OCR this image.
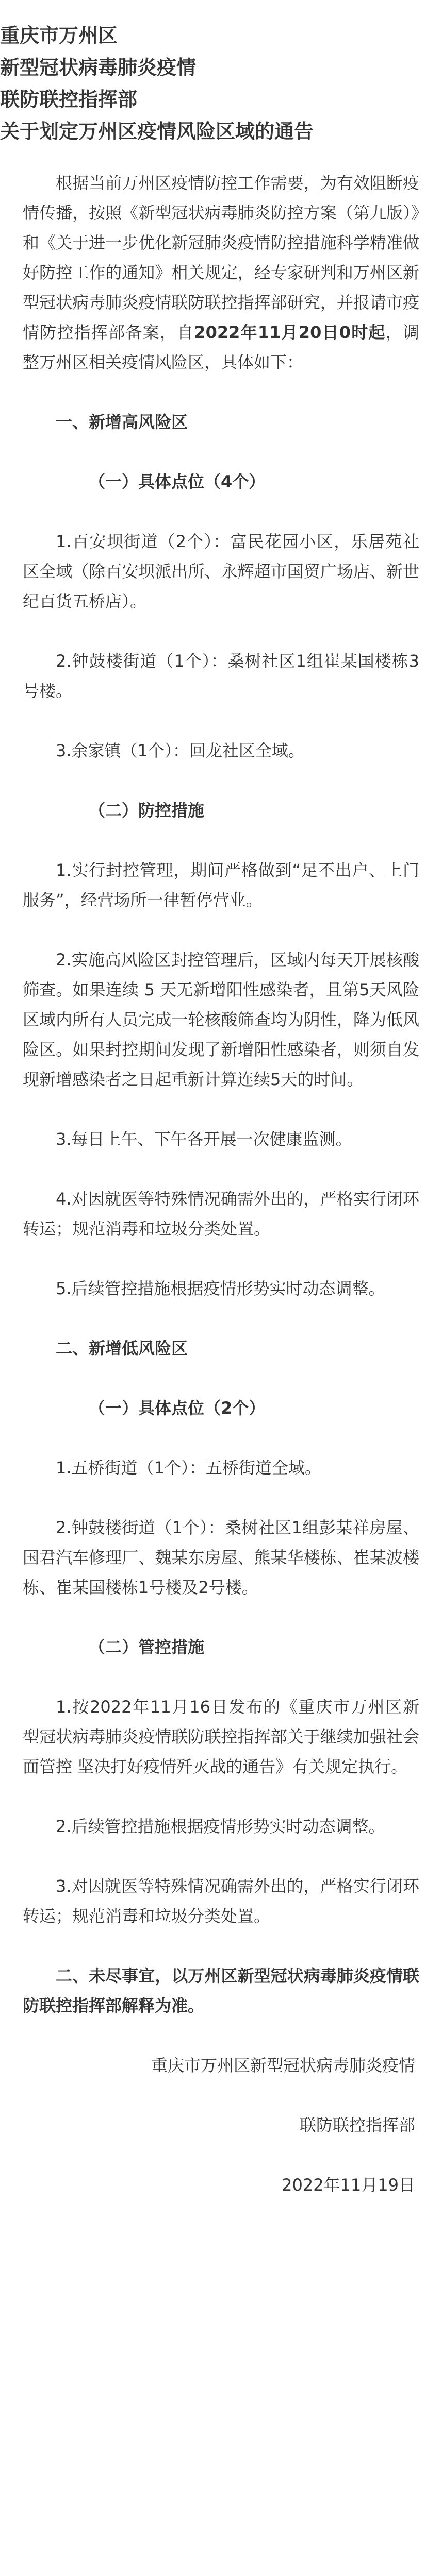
重庆市万州区

新型冠状病毒肺炎疫情

联防联控指挥部

关于划定万州区疫情风险区域的通告

根据当前万州区疫情防控工作需要，为有效阻断疫情传播，按照《新型冠状病毒肺炎防控方案（第九版）》和《关于进一步优化新冠肺炎疫情防控措施科学精准做好防控工作的通知》相关规定，经专家研判和万州区新型冠状病毒肺炎疫情联防联控指挥部研究，并报请市疫情防控指挥部备案，自2022年11月20日0时起，调整万州区相关疫情风险区，具体如下：

一、新增高风险区

（一）具体点位（4个）

1.百安坝街道（2个）：富民花园小区，乐居苑社区全域（除百安坝派出所、永辉超市国贸广场店、新世纪百货五桥店）。

2.钟鼓楼街道（1个）：桑树社区1组崔某国楼栋3号楼。

3.余家镇（1个）：回龙社区全域。

（二）防控措施

1.实行封控管理，期间严格做到“足不出户、上门服务”，经营场所一律暂停营业。

2.实施高风险区封控管理后，区域内每天开展核酸筛查。如果连续 5 天无新增阳性感染者，且第5天风险区域内所有人员完成一轮核酸筛查均为阴性，降为低风险区。如果封控期间发现了新增阳性感染者，则须自发现新增感染者之日起重新计算连续5天的时间。

3.每日上午、下午各开展一次健康监测。

4.对因就医等特殊情况确需外出的，严格实行闭环转运；规范消毒和垃圾分类处置。

5.后续管控措施根据疫情形势实时动态调整。

二、新增低风险区

（一）具体点位（2个）

1.五桥街道（1个）：五桥街道全域。

2.钟鼓楼街道（1个）：桑树社区1组彭某祥房屋、国君汽车修理厂、魏某东房屋、熊某华楼栋、崔某波楼栋、崔某国楼栋1号楼及2号楼。

（二）管控措施

1.按2022年11月16日发布的《重庆市万州区新型冠状病毒肺炎疫情联防联控指挥部关于继续加强社会面管控 坚决打好疫情歼灭战的通告》有关规定执行。

2.后续管控措施根据疫情形势实时动态调整。

3.对因就医等特殊情况确需外出的，严格实行闭环转运；规范消毒和垃圾分类处置。

二、未尽事宜，以万州区新型冠状病毒肺炎疫情联防联控指挥部解释为准。

重庆市万州区新型冠状病毒肺炎疫情

联防联控指挥部

2022年11月19日
